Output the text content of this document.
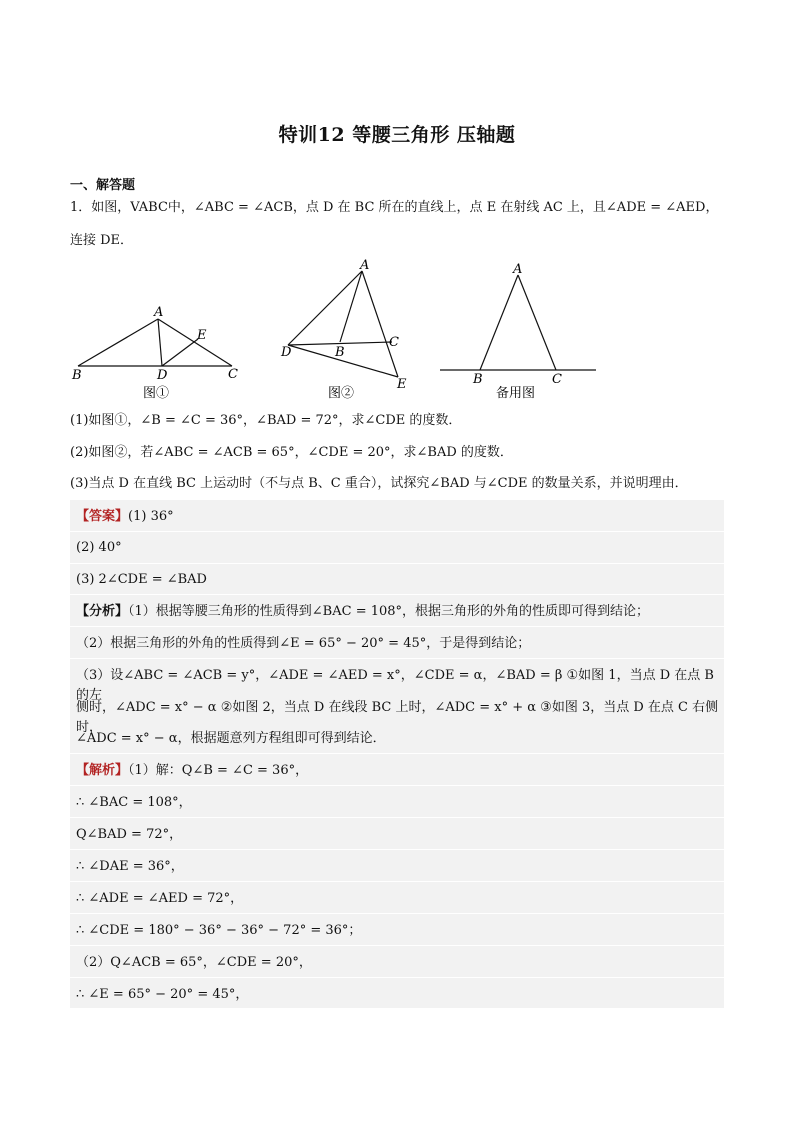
特训12 等腰三角形 压轴题
一、解答题
1．如图，VABC中，∠ABC = ∠ACB，点 D 在 BC 所在的直线上，点 E 在射线 AC 上，且∠ADE = ∠AED，
连接 DE．
A
B	D	C
E
图①
A
D	B
C
E
图②
A
B	C
备用图
(1)如图①，∠B = ∠C = 36°，∠BAD = 72°，求∠CDE 的度数．
(2)如图②，若∠ABC = ∠ACB = 65°，∠CDE = 20°，求∠BAD 的度数．
(3)当点 D 在直线 BC 上运动时（不与点 B、C 重合），试探究∠BAD 与∠CDE 的数量关系，并说明理由．
【答案】(1) 36°
(2) 40°
(3) 2∠CDE = ∠BAD
【分析】（1）根据等腰三角形的性质得到∠BAC = 108°，根据三角形的外角的性质即可得到结论；
（2）根据三角形的外角的性质得到∠E = 65° − 20° = 45°，于是得到结论；
（3）设∠ABC = ∠ACB = y°，∠ADE = ∠AED = x°，∠CDE = α，∠BAD = β ①如图 1，当点 D 在点 B 的左
侧时，∠ADC = x° − α ②如图 2，当点 D 在线段 BC 上时，∠ADC = x° + α ③如图 3，当点 D 在点 C 右侧时，
∠ADC = x° − α，根据题意列方程组即可得到结论．
【解析】（1）解：Q∠B = ∠C = 36°，
∴ ∠BAC = 108°，
Q∠BAD = 72°，
∴ ∠DAE = 36°，
∴ ∠ADE = ∠AED = 72°，
∴ ∠CDE = 180° − 36° − 36° − 72° = 36°；
（2）Q∠ACB = 65°，∠CDE = 20°，
∴ ∠E = 65° − 20° = 45°，
